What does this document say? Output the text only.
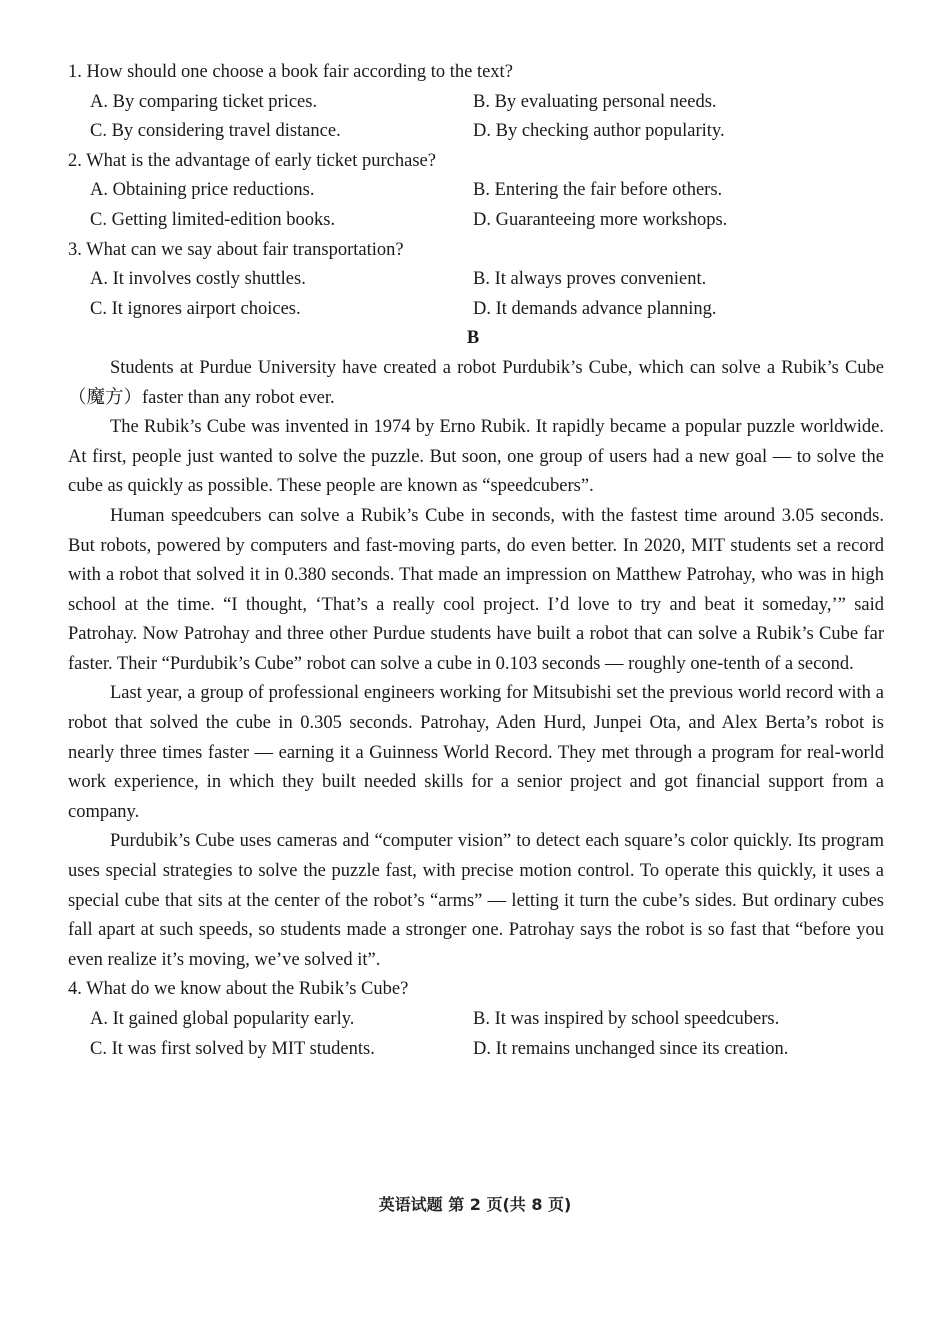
1. How should one choose a book fair according to the text?
A. By comparing ticket prices.	B. By evaluating personal needs.
C. By considering travel distance.	D. By checking author popularity.
2. What is the advantage of early ticket purchase?
A. Obtaining price reductions.	B. Entering the fair before others.
C. Getting limited-edition books.	D. Guaranteeing more workshops.
3. What can we say about fair transportation?
A. It involves costly shuttles.	B. It always proves convenient.
C. It ignores airport choices.	D. It demands advance planning.
B

Students at Purdue University have created a robot Purdubik’s Cube, which can solve a Rubik’s Cube（魔方）faster than any robot ever.

The Rubik’s Cube was invented in 1974 by Erno Rubik. It rapidly became a popular puzzle worldwide. At first, people just wanted to solve the puzzle. But soon, one group of users had a new goal — to solve the cube as quickly as possible. These people are known as “speedcubers”.

Human speedcubers can solve a Rubik’s Cube in seconds, with the fastest time around 3.05 seconds. But robots, powered by computers and fast-moving parts, do even better. In 2020, MIT students set a record with a robot that solved it in 0.380 seconds. That made an impression on Matthew Patrohay, who was in high school at the time. “I thought, ‘That’s a really cool project. I’d love to try and beat it someday,’” said Patrohay. Now Patrohay and three other Purdue students have built a robot that can solve a Rubik’s Cube far faster. Their “Purdubik’s Cube” robot can solve a cube in 0.103 seconds — roughly one-tenth of a second.

Last year, a group of professional engineers working for Mitsubishi set the previous world record with a robot that solved the cube in 0.305 seconds. Patrohay, Aden Hurd, Junpei Ota, and Alex Berta’s robot is nearly three times faster — earning it a Guinness World Record. They met through a program for real-world work experience, in which they built needed skills for a senior project and got financial support from a company.

Purdubik’s Cube uses cameras and “computer vision” to detect each square’s color quickly. Its program uses special strategies to solve the puzzle fast, with precise motion control. To operate this quickly, it uses a special cube that sits at the center of the robot’s “arms” — letting it turn the cube’s sides. But ordinary cubes fall apart at such speeds, so students made a stronger one. Patrohay says the robot is so fast that “before you even realize it’s moving, we’ve solved it”.

4. What do we know about the Rubik’s Cube?
A. It gained global popularity early.	B. It was inspired by school speedcubers.
C. It was first solved by MIT students.	D. It remains unchanged since its creation.
英语试题 第 2 页(共 8 页)
